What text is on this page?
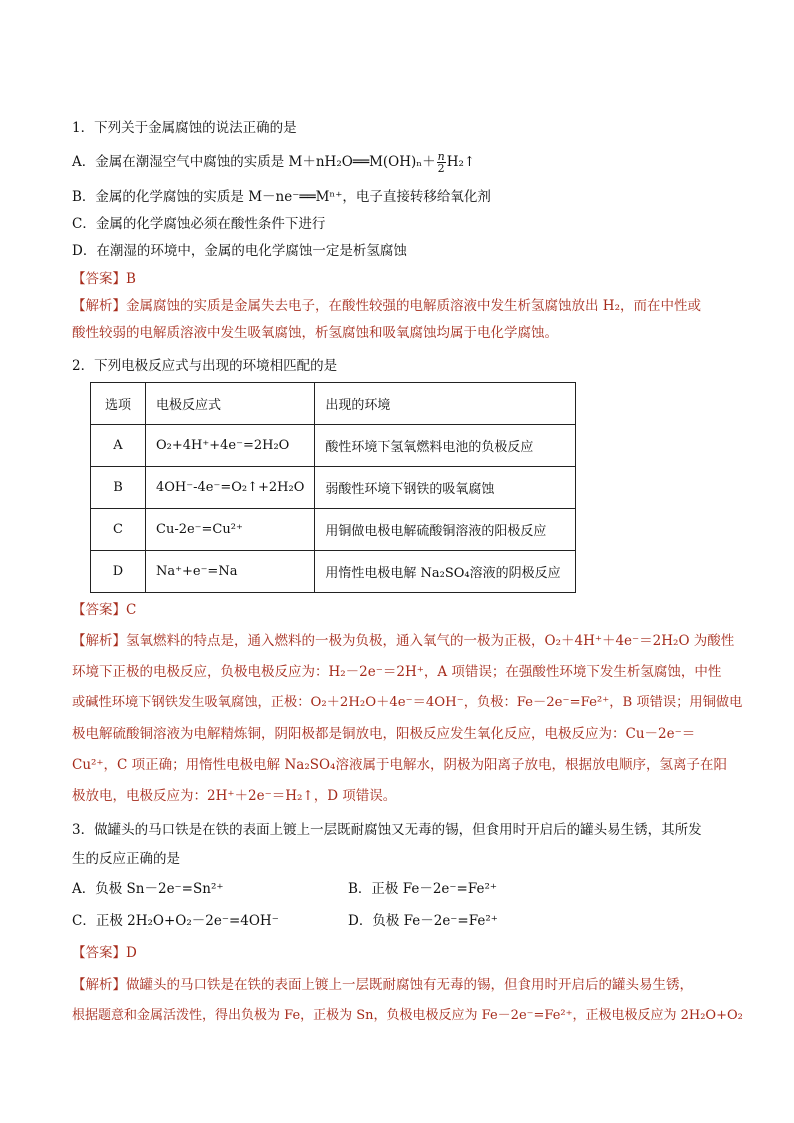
1．下列关于金属腐蚀的说法正确的是
A．金属在潮湿空气中腐蚀的实质是 M＋nH₂O══M(OH)ₙ＋ $\frac{n}{2}$ H₂↑
B．金属的化学腐蚀的实质是 M－ne⁻══Mⁿ⁺，电子直接转移给氧化剂
C．金属的化学腐蚀必须在酸性条件下进行
D．在潮湿的环境中，金属的电化学腐蚀一定是析氢腐蚀
【答案】B
【解析】金属腐蚀的实质是金属失去电子，在酸性较强的电解质溶液中发生析氢腐蚀放出 H₂，而在中性或
酸性较弱的电解质溶液中发生吸氧腐蚀，析氢腐蚀和吸氧腐蚀均属于电化学腐蚀。
2．下列电极反应式与出现的环境相匹配的是
选项	电极反应式	出现的环境
A	O₂+4H⁺+4e⁻=2H₂O	酸性环境下氢氧燃料电池的负极反应
B	4OH⁻-4e⁻=O₂↑+2H₂O	弱酸性环境下钢铁的吸氧腐蚀
C	Cu-2e⁻=Cu²⁺	用铜做电极电解硫酸铜溶液的阳极反应
D	Na⁺+e⁻=Na	用惰性电极电解 Na₂SO₄溶液的阴极反应
【答案】C
【解析】氢氧燃料的特点是，通入燃料的一极为负极，通入氧气的一极为正极，O₂＋4H⁺＋4e⁻＝2H₂O 为酸性
环境下正极的电极反应，负极电极反应为：H₂－2e⁻＝2H⁺，A 项错误；在强酸性环境下发生析氢腐蚀，中性
或碱性环境下钢铁发生吸氧腐蚀，正极：O₂＋2H₂O＋4e⁻＝4OH⁻，负极：Fe－2e⁻=Fe²⁺，B 项错误；用铜做电
极电解硫酸铜溶液为电解精炼铜，阴阳极都是铜放电，阳极反应发生氧化反应，电极反应为：Cu－2e⁻＝
Cu²⁺，C 项正确；用惰性电极电解 Na₂SO₄溶液属于电解水，阴极为阳离子放电，根据放电顺序，氢离子在阳
极放电，电极反应为：2H⁺＋2e⁻＝H₂↑，D 项错误。
3．做罐头的马口铁是在铁的表面上镀上一层既耐腐蚀又无毒的锡，但食用时开启后的罐头易生锈，其所发
生的反应正确的是
A．负极 Sn－2e⁻=Sn²⁺	B．正极 Fe－2e⁻=Fe²⁺
C．正极 2H₂O+O₂－2e⁻=4OH⁻	D．负极 Fe－2e⁻=Fe²⁺
【答案】D
【解析】做罐头的马口铁是在铁的表面上镀上一层既耐腐蚀有无毒的锡，但食用时开启后的罐头易生锈，
根据题意和金属活泼性，得出负极为 Fe，正极为 Sn，负极电极反应为 Fe－2e⁻=Fe²⁺，正极电极反应为 2H₂O+O₂
